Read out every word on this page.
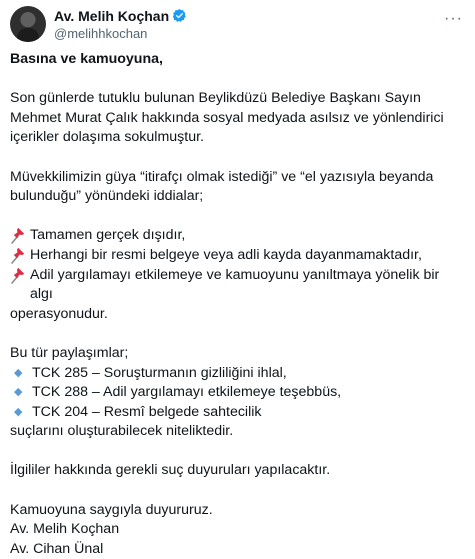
Av. Melih Koçhan
@melihhkochan
···

Basına ve kamuoyuna,

Son günlerde tutuklu bulunan Beylikdüzü Belediye Başkanı Sayın

Mehmet Murat Çalık hakkında sosyal medyada asılsız ve yönlendirici

içerikler dolaşıma sokulmuştur.

Müvekkilimizin güya “itirafçı olmak istediği” ve “el yazısıyla beyanda

bulunduğu” yönündeki iddialar;

Tamamen gerçek dışıdır,
Herhangi bir resmi belgeye veya adli kayda dayanmamaktadır,
Adil yargılamayı etkilemeye ve kamuoyunu yanıltmaya yönelik bir algı

operasyonudur.

Bu tür paylaşımlar;

◆ TCK 285 – Soruşturmanın gizliliğini ihlal,
◆ TCK 288 – Adil yargılamayı etkilemeye teşebbüs,
◆ TCK 204 – Resmî belgede sahtecilik

suçlarını oluşturabilecek niteliktedir.

İlgililer hakkında gerekli suç duyuruları yapılacaktır.

Kamuoyuna saygıyla duyururuz.

Av. Melih Koçhan

Av. Cihan Ünal
